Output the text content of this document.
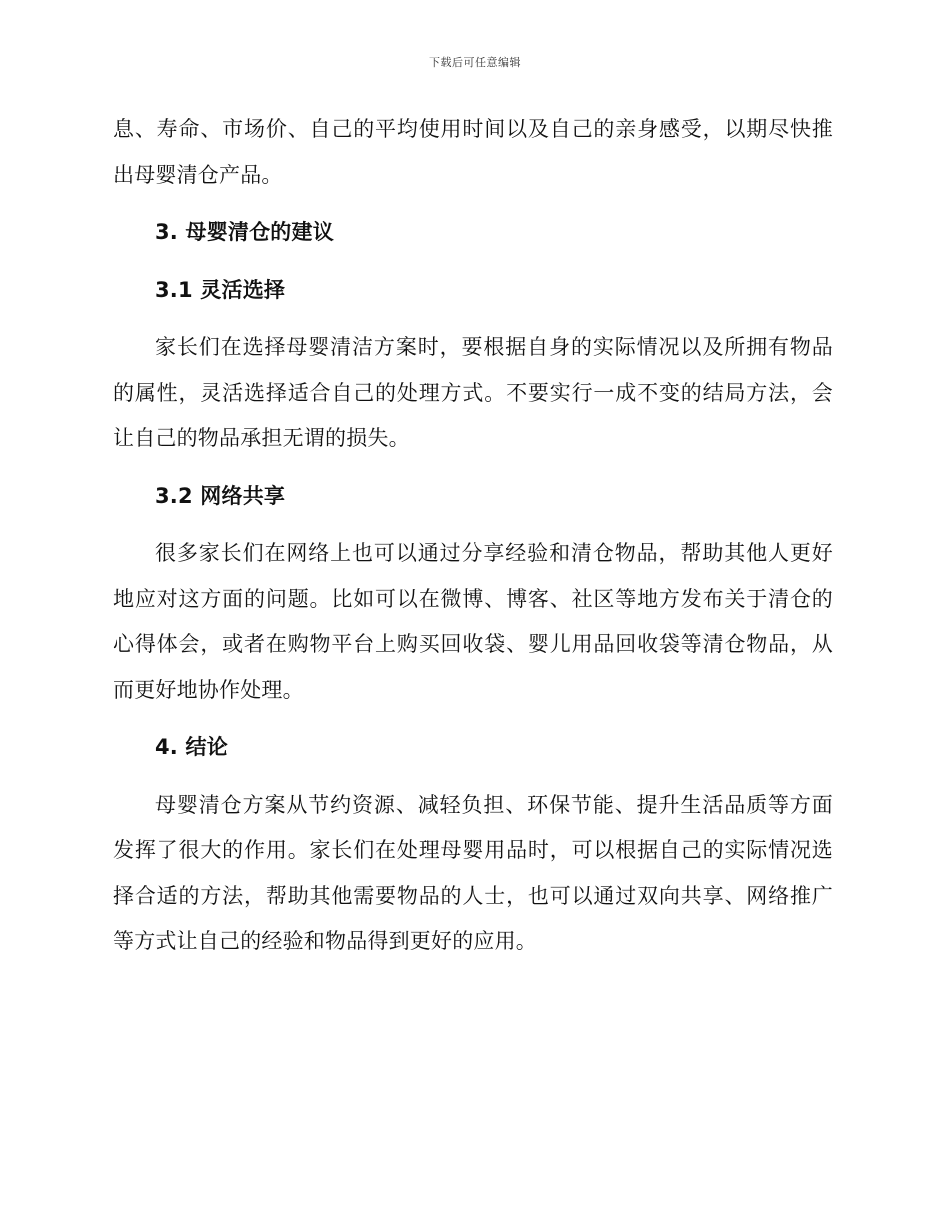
下载后可任意编辑

息、寿命、市场价、自己的平均使用时间以及自己的亲身感受，以期尽快推出母婴清仓产品。

3. 母婴清仓的建议

3.1 灵活选择

家长们在选择母婴清洁方案时，要根据自身的实际情况以及所拥有物品的属性，灵活选择适合自己的处理方式。不要实行一成不变的结局方法，会让自己的物品承担无谓的损失。

3.2 网络共享

很多家长们在网络上也可以通过分享经验和清仓物品，帮助其他人更好地应对这方面的问题。比如可以在微博、博客、社区等地方发布关于清仓的心得体会，或者在购物平台上购买回收袋、婴儿用品回收袋等清仓物品，从而更好地协作处理。

4. 结论

母婴清仓方案从节约资源、减轻负担、环保节能、提升生活品质等方面发挥了很大的作用。家长们在处理母婴用品时，可以根据自己的实际情况选择合适的方法，帮助其他需要物品的人士，也可以通过双向共享、网络推广等方式让自己的经验和物品得到更好的应用。
